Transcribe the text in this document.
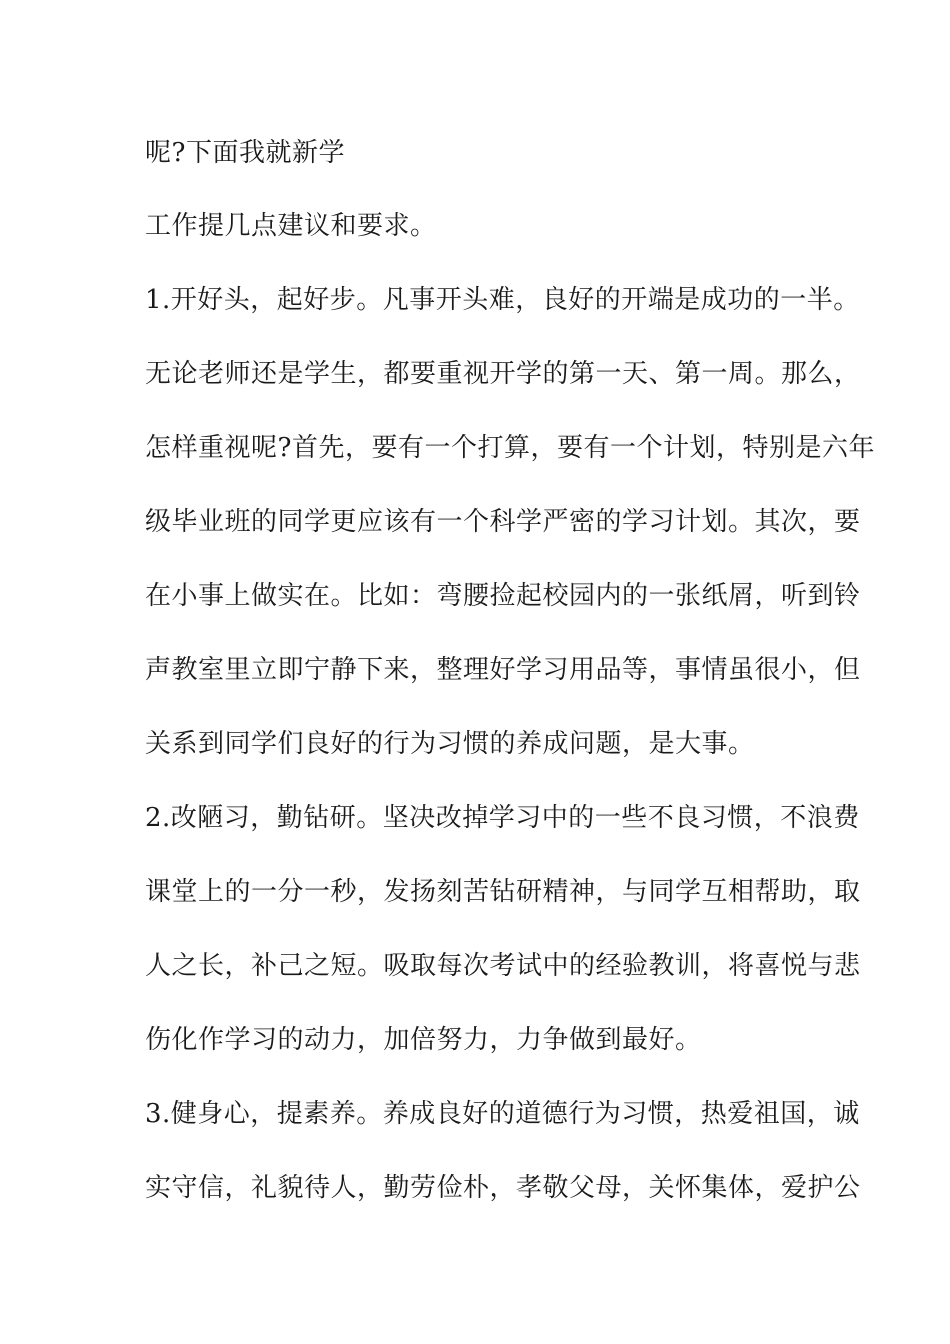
呢?下面我就新学
工作提几点建议和要求。
1.开好头，起好步。凡事开头难，良好的开端是成功的一半。
无论老师还是学生，都要重视开学的第一天、第一周。那么，
怎样重视呢?首先，要有一个打算，要有一个计划，特别是六年
级毕业班的同学更应该有一个科学严密的学习计划。其次，要
在小事上做实在。比如：弯腰捡起校园内的一张纸屑，听到铃
声教室里立即宁静下来，整理好学习用品等，事情虽很小，但
关系到同学们良好的行为习惯的养成问题，是大事。
2.改陋习，勤钻研。坚决改掉学习中的一些不良习惯，不浪费
课堂上的一分一秒，发扬刻苦钻研精神，与同学互相帮助，取
人之长，补己之短。吸取每次考试中的经验教训，将喜悦与悲
伤化作学习的动力，加倍努力，力争做到最好。
3.健身心，提素养。养成良好的道德行为习惯，热爱祖国，诚
实守信，礼貌待人，勤劳俭朴，孝敬父母，关怀集体，爱护公
